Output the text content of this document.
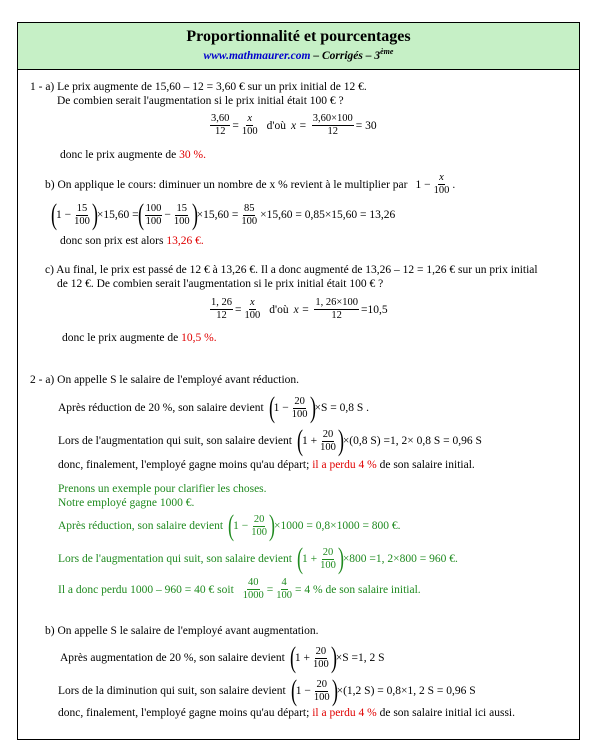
Proportionnalité et pourcentages
www.mathmaurer.com – Corrigés – 3ème
1 - a) Le prix augmente de 15,60 – 12 = 3,60 € sur un prix initial de 12 €.
De combien serait l'augmentation si le prix initial était 100 € ?
$\frac{3,60}{12} = \frac{x}{100}$ d'où $x = \frac{3,60\times 100}{12} = 30$
donc le prix augmente de 30 %.
b) On applique le cours: diminuer un nombre de x % revient à le multiplier par $1 - \frac{x}{100}$ .
( $1 - \frac{15}{100}$ ) ×15,60 = ( $\frac{100}{100} - \frac{15}{100}$ ) $\times 15,60 = \frac{85}{100} \times 15,60 = 0,85\times 15,60 = 13,26$
donc son prix est alors 13,26 €.
c) Au final, le prix est passé de 12 € à 13,26 €. Il a donc augmenté de 13,26 – 12 = 1,26 € sur un prix initial
de 12 €. De combien serait l'augmentation si le prix initial était 100 € ?
$\frac{1, 26}{12} = \frac{x}{100}$ d'où $x = \frac{1, 26\times 100}{12} =10,5$
donc le prix augmente de 10,5 %.
2 - a) On appelle S le salaire de l'employé avant réduction.
Après réduction de 20 %, son salaire devient ( $1 - \frac{20}{100}$ ) ×S = 0,8 S .
Lors de l'augmentation qui suit, son salaire devient ( $1 + \frac{20}{100}$ ) ×(0,8 S) =1, 2× 0,8 S = 0,96 S
donc, finalement, l'employé gagne moins qu'au départ; il a perdu 4 % de son salaire initial.
Prenons un exemple pour clarifier les choses.
Notre employé gagne 1000 €.
Après réduction, son salaire devient ( $1 - \frac{20}{100}$ ) ×1000 = 0,8×1000 = 800 €.
Lors de l'augmentation qui suit, son salaire devient ( $1 + \frac{20}{100}$ ) ×800 =1, 2×800 = 960 €.
Il a donc perdu 1000 – 960 = 40 € soit $\frac{40}{1000} = \frac{4}{100} = 4$ % de son salaire initial.
b) On appelle S le salaire de l'employé avant augmentation.
Après augmentation de 20 %, son salaire devient ( $1 + \frac{20}{100}$ ) ×S =1, 2 S
Lors de la diminution qui suit, son salaire devient ( $1 - \frac{20}{100}$ ) ×(1,2 S) = 0,8×1, 2 S = 0,96 S
donc, finalement, l'employé gagne moins qu'au départ; il a perdu 4 % de son salaire initial ici aussi.
